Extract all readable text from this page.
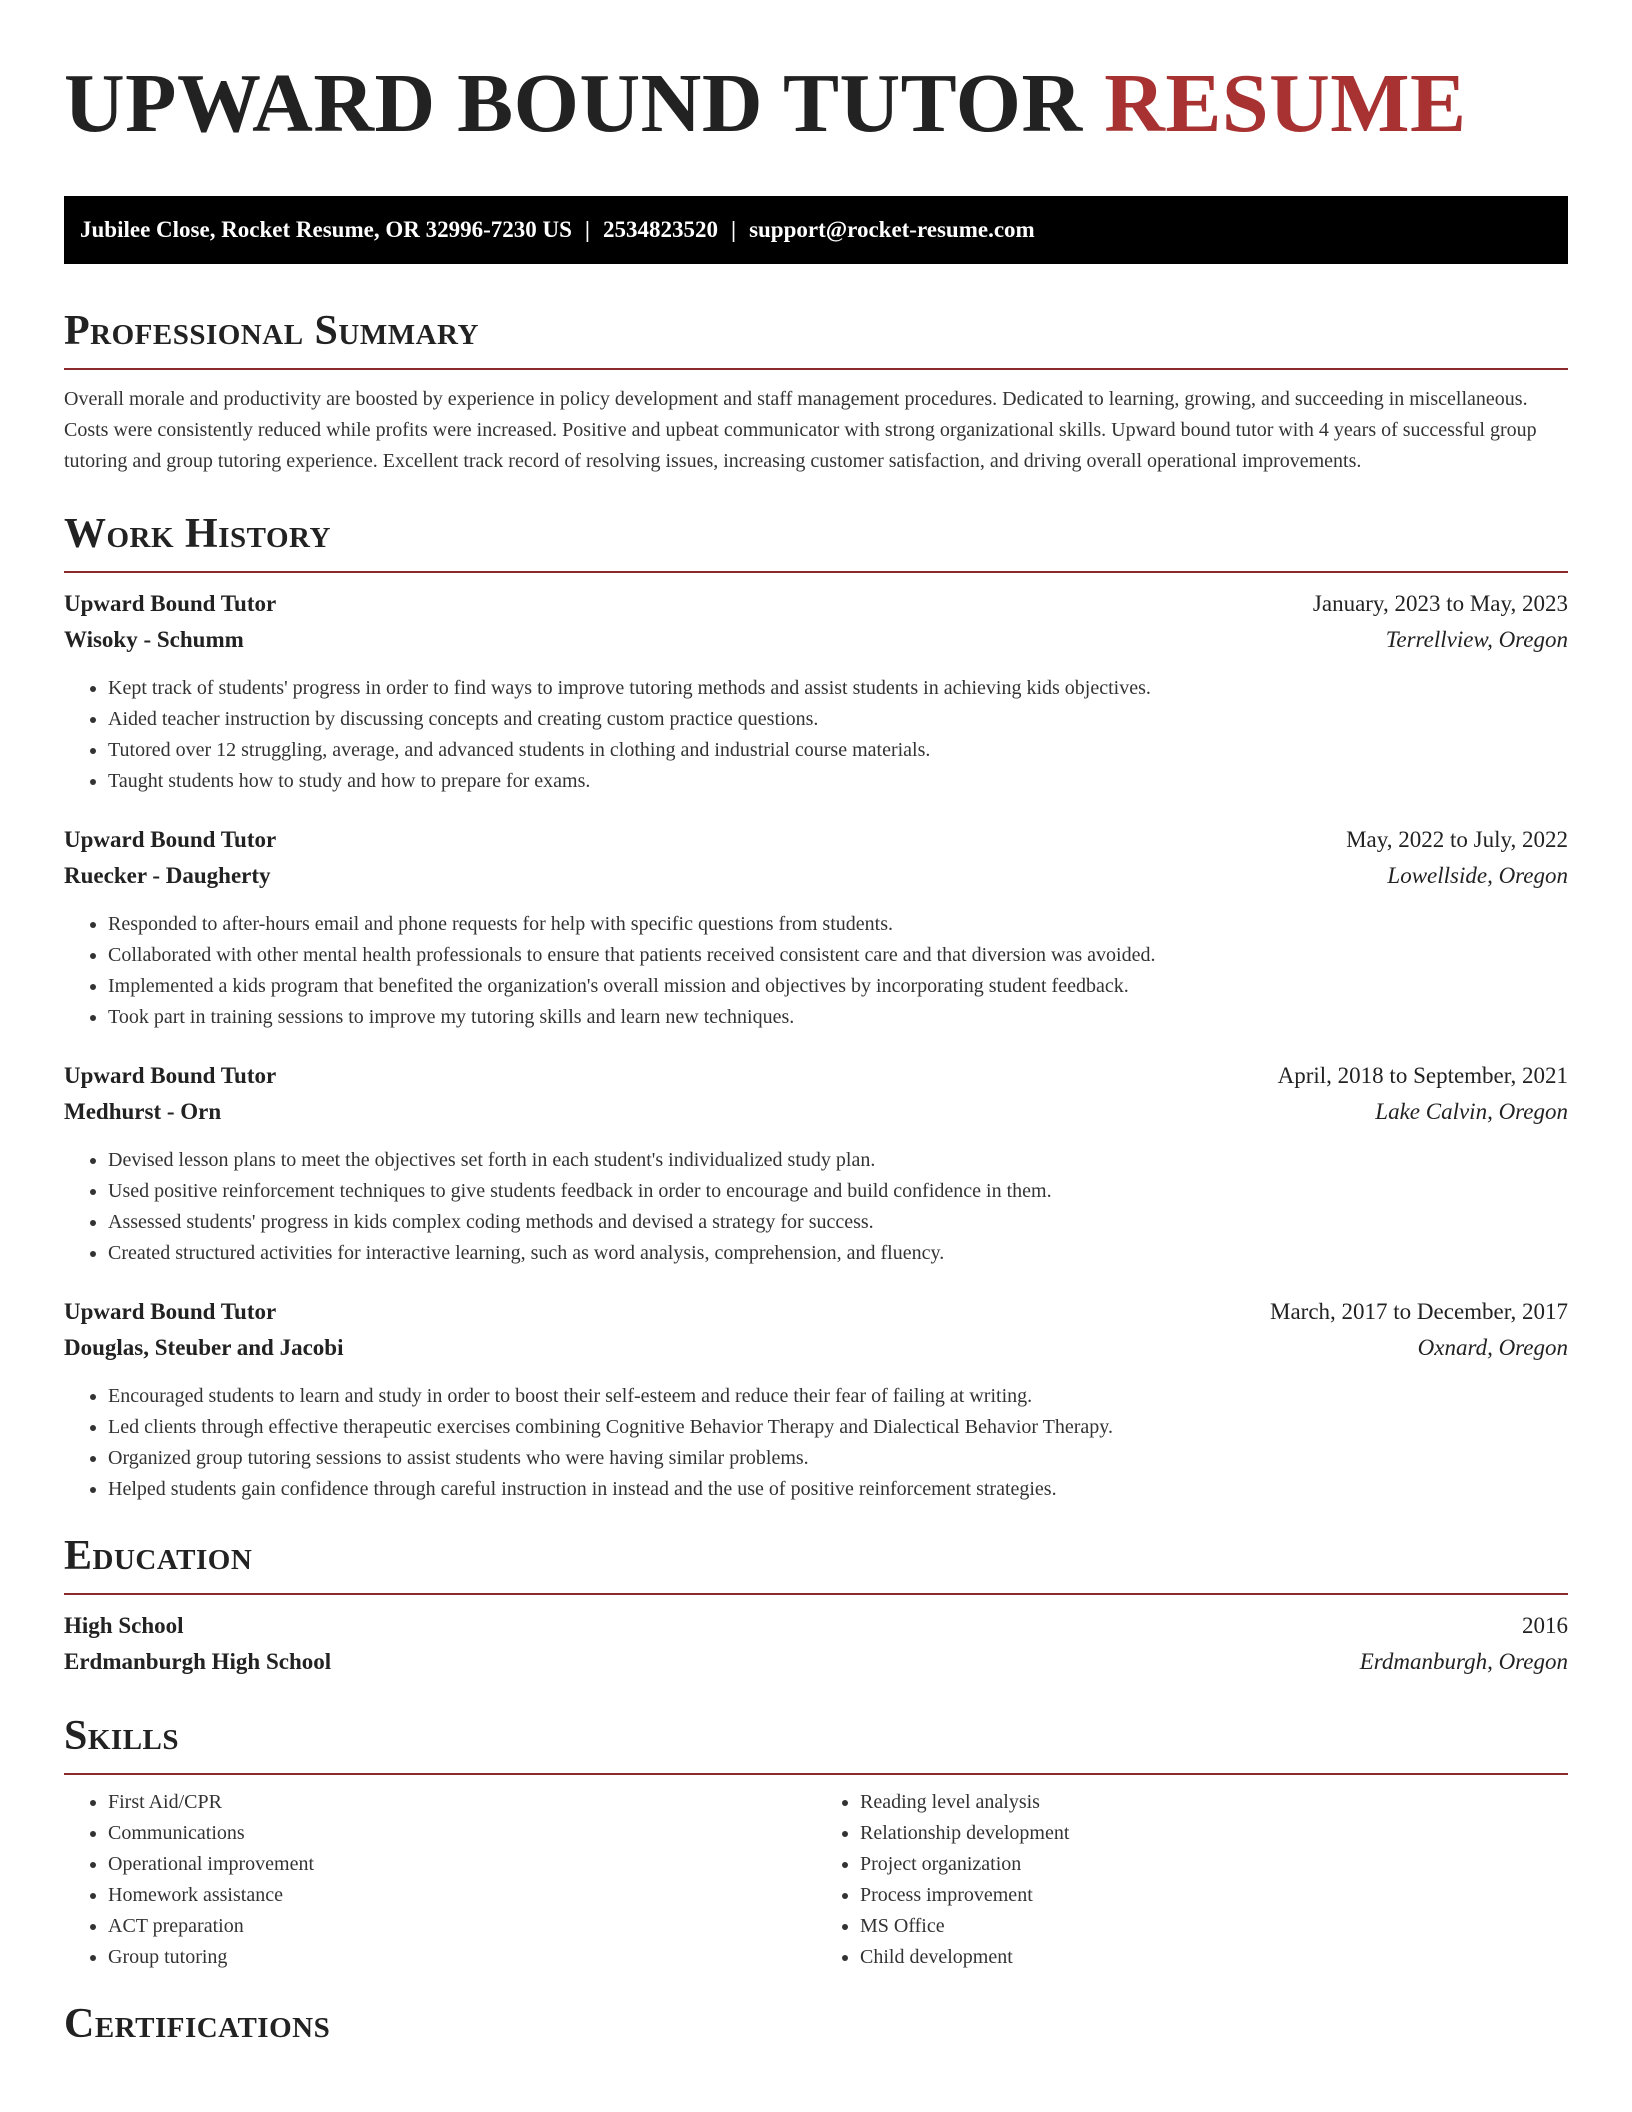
UPWARD BOUND TUTOR RESUME
Jubilee Close, Rocket Resume, OR 32996-7230 US | 2534823520 | support@rocket-resume.com
Professional Summary

Overall morale and productivity are boosted by experience in policy development and staff management procedures. Dedicated to learning, growing, and succeeding in miscellaneous. Costs were consistently reduced while profits were increased. Positive and upbeat communicator with strong organizational skills. Upward bound tutor with 4 years of successful group tutoring and group tutoring experience. Excellent track record of resolving issues, increasing customer satisfaction, and driving overall operational improvements.

Work History
Upward Bound Tutor	January, 2023 to May, 2023
Wisoky - Schumm	Terrellview, Oregon
• Kept track of students' progress in order to find ways to improve tutoring methods and assist students in achieving kids objectives.
• Aided teacher instruction by discussing concepts and creating custom practice questions.
• Tutored over 12 struggling, average, and advanced students in clothing and industrial course materials.
• Taught students how to study and how to prepare for exams.
Upward Bound Tutor	May, 2022 to July, 2022
Ruecker - Daugherty	Lowellside, Oregon
• Responded to after-hours email and phone requests for help with specific questions from students.
• Collaborated with other mental health professionals to ensure that patients received consistent care and that diversion was avoided.
• Implemented a kids program that benefited the organization's overall mission and objectives by incorporating student feedback.
• Took part in training sessions to improve my tutoring skills and learn new techniques.
Upward Bound Tutor	April, 2018 to September, 2021
Medhurst - Orn	Lake Calvin, Oregon
• Devised lesson plans to meet the objectives set forth in each student's individualized study plan.
• Used positive reinforcement techniques to give students feedback in order to encourage and build confidence in them.
• Assessed students' progress in kids complex coding methods and devised a strategy for success.
• Created structured activities for interactive learning, such as word analysis, comprehension, and fluency.
Upward Bound Tutor	March, 2017 to December, 2017
Douglas, Steuber and Jacobi	Oxnard, Oregon
• Encouraged students to learn and study in order to boost their self-esteem and reduce their fear of failing at writing.
• Led clients through effective therapeutic exercises combining Cognitive Behavior Therapy and Dialectical Behavior Therapy.
• Organized group tutoring sessions to assist students who were having similar problems.
• Helped students gain confidence through careful instruction in instead and the use of positive reinforcement strategies.
Education
High School	2016
Erdmanburgh High School	Erdmanburgh, Oregon
Skills
• First Aid/CPR
• Communications
• Operational improvement
• Homework assistance
• ACT preparation
• Group tutoring
• Reading level analysis
• Relationship development
• Project organization
• Process improvement
• MS Office
• Child development
Certifications
